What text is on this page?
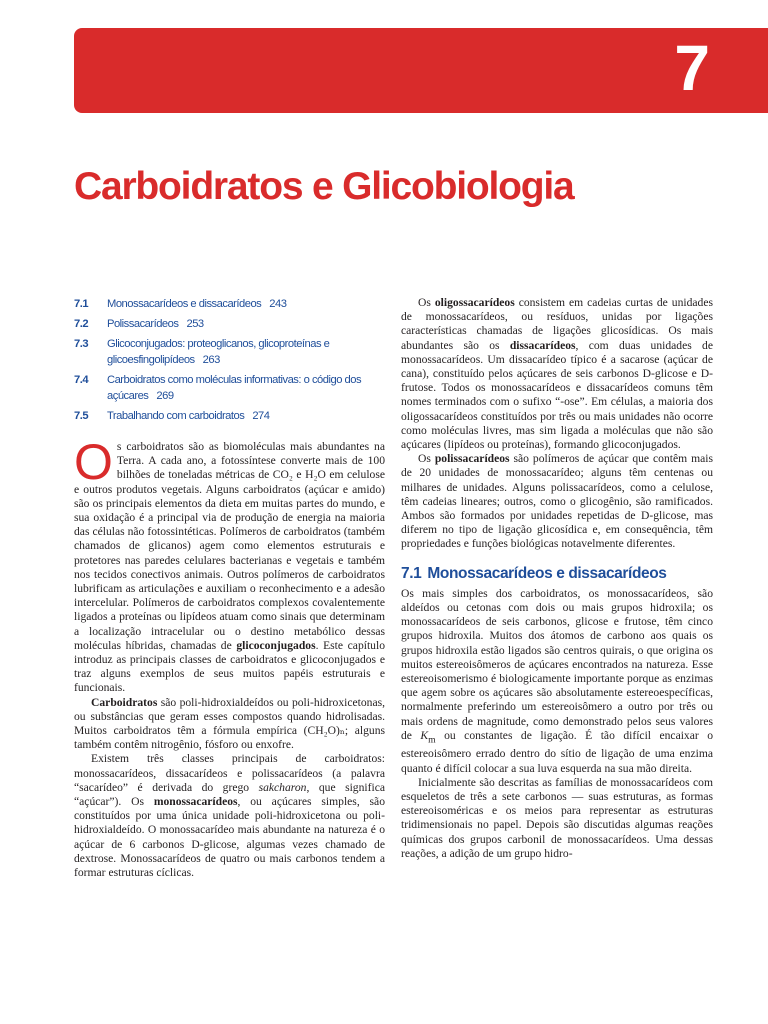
7
Carboidratos e Glicobiologia
7.1	Monossacarídeos e dissacarídeos 243
7.2	Polissacarídeos 253
7.3	Glicoconjugados: proteoglicanos, glicoproteínas e glicoesfingolipídeos 263
7.4	Carboidratos como moléculas informativas: o código dos açúcares 269
7.5	Trabalhando com carboidratos 274

Os carboidratos são as biomoléculas mais abundantes na Terra. A cada ano, a fotossíntese converte mais de 100 bilhões de toneladas métricas de CO₂ e H₂O em celulose e outros produtos vegetais. Alguns carboidratos (açúcar e amido) são os principais elementos da dieta em muitas partes do mundo, e sua oxidação é a principal via de produção de energia na maioria das células não fotossintéticas. Polímeros de carboidratos (também chamados de glicanos) agem como elementos estruturais e protetores nas paredes celulares bacterianas e vegetais e também nos tecidos conectivos animais. Outros polímeros de carboidratos lubrificam as articulações e auxiliam o reconhecimento e a adesão intercelular. Polímeros de carboidratos complexos covalentemente ligados a proteínas ou lipídeos atuam como sinais que determinam a localização intracelular ou o destino metabólico dessas moléculas híbridas, chamadas de glicoconjugados. Este capítulo introduz as principais classes de carboidratos e glicoconjugados e traz alguns exemplos de seus muitos papéis estruturais e funcionais.

Carboidratos são poli-hidroxialdeídos ou poli-hidroxicetonas, ou substâncias que geram esses compostos quando hidrolisadas. Muitos carboidratos têm a fórmula empírica (CH₂O)ₙ; alguns também contêm nitrogênio, fósforo ou enxofre.

Existem três classes principais de carboidratos: monossacarídeos, dissacarídeos e polissacarídeos (a palavra “sacarídeo” é derivada do grego sakcharon, que significa “açúcar”). Os monossacarídeos, ou açúcares simples, são constituídos por uma única unidade poli-hidroxicetona ou poli-hidroxialdeído. O monossacarídeo mais abundante na natureza é o açúcar de 6 carbonos D-glicose, algumas vezes chamado de dextrose. Monossacarídeos de quatro ou mais carbonos tendem a formar estruturas cíclicas.

Os oligossacarídeos consistem em cadeias curtas de unidades de monossacarídeos, ou resíduos, unidas por ligações características chamadas de ligações glicosídicas. Os mais abundantes são os dissacarídeos, com duas unidades de monossacarídeos. Um dissacarídeo típico é a sacarose (açúcar de cana), constituído pelos açúcares de seis carbonos D-glicose e D-frutose. Todos os monossacarídeos e dissacarídeos comuns têm nomes terminados com o sufixo “-ose”. Em células, a maioria dos oligossacarídeos constituídos por três ou mais unidades não ocorre como moléculas livres, mas sim ligada a moléculas que não são açúcares (lipídeos ou proteínas), formando glicoconjugados.

Os polissacarídeos são polímeros de açúcar que contêm mais de 20 unidades de monossacarídeo; alguns têm centenas ou milhares de unidades. Alguns polissacarídeos, como a celulose, têm cadeias lineares; outros, como o glicogênio, são ramificados. Ambos são formados por unidades repetidas de D-glicose, mas diferem no tipo de ligação glicosídica e, em consequência, têm propriedades e funções biológicas notavelmente diferentes.

7.1 Monossacarídeos e dissacarídeos

Os mais simples dos carboidratos, os monossacarídeos, são aldeídos ou cetonas com dois ou mais grupos hidroxila; os monossacarídeos de seis carbonos, glicose e frutose, têm cinco grupos hidroxila. Muitos dos átomos de carbono aos quais os grupos hidroxila estão ligados são centros quirais, o que origina os muitos estereoisômeros de açúcares encontrados na natureza. Esse estereoisomerismo é biologicamente importante porque as enzimas que agem sobre os açúcares são absolutamente estereoespecíficas, normalmente preferindo um estereoisômero a outro por três ou mais ordens de magnitude, como demonstrado pelos seus valores de $K_m$ ou constantes de ligação. É tão difícil encaixar o estereoisômero errado dentro do sítio de ligação de uma enzima quanto é difícil colocar a sua luva esquerda na sua mão direita.

Inicialmente são descritas as famílias de monossacarídeos com esqueletos de três a sete carbonos — suas estruturas, as formas estereoisoméricas e os meios para representar as estruturas tridimensionais no papel. Depois são discutidas algumas reações químicas dos grupos carbonil de monossacarídeos. Uma dessas reações, a adição de um grupo hidro-
